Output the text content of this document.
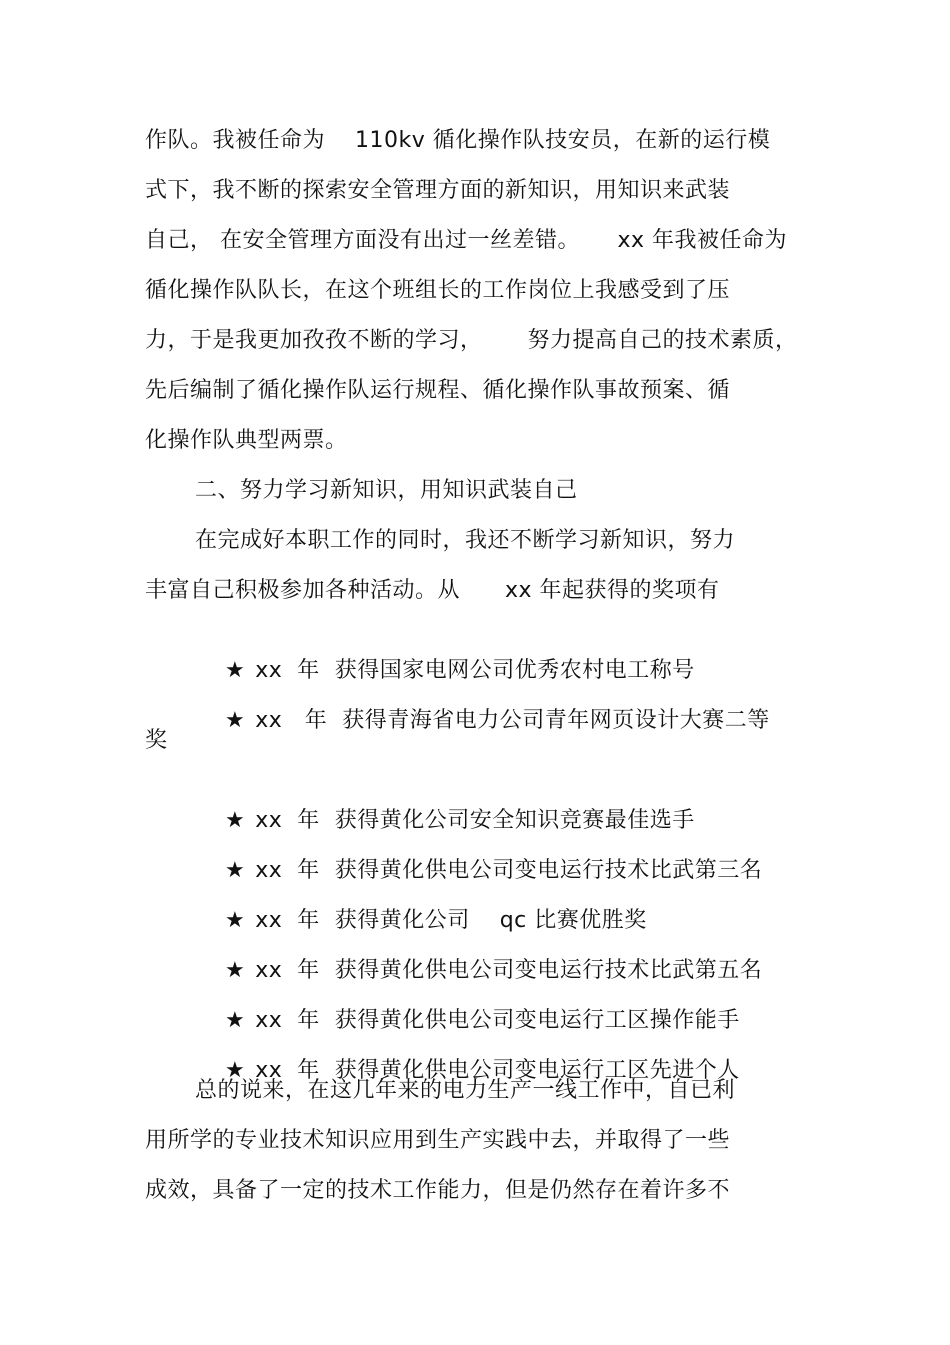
作队。我被任命为    110kv 循化操作队技安员，在新的运行模
式下，我不断的探索安全管理方面的新知识，用知识来武装
自己， 在安全管理方面没有出过一丝差错。     xx 年我被任命为
循化操作队队长，在这个班组长的工作岗位上我感受到了压
力，于是我更加孜孜不断的学习，      努力提高自己的技术素质，
先后编制了循化操作队运行规程、循化操作队事故预案、循
化操作队典型两票。
二、努力学习新知识，用知识武装自己
在完成好本职工作的同时，我还不断学习新知识，努力
丰富自己积极参加各种活动。从      xx 年起获得的奖项有

★ xx  年  获得国家电网公司优秀农村电工称号

★ xx   年  获得青海省电力公司青年网页设计大赛二等

奖

★ xx  年  获得黄化公司安全知识竞赛最佳选手

★ xx  年  获得黄化供电公司变电运行技术比武第三名

★ xx  年  获得黄化公司    qc 比赛优胜奖

★ xx  年  获得黄化供电公司变电运行技术比武第五名

★ xx  年  获得黄化供电公司变电运行工区操作能手

★ xx  年  获得黄化供电公司变电运行工区先进个人

总的说来，在这几年来的电力生产一线工作中，自已利
用所学的专业技术知识应用到生产实践中去，并取得了一些
成效，具备了一定的技术工作能力，但是仍然存在着许多不
